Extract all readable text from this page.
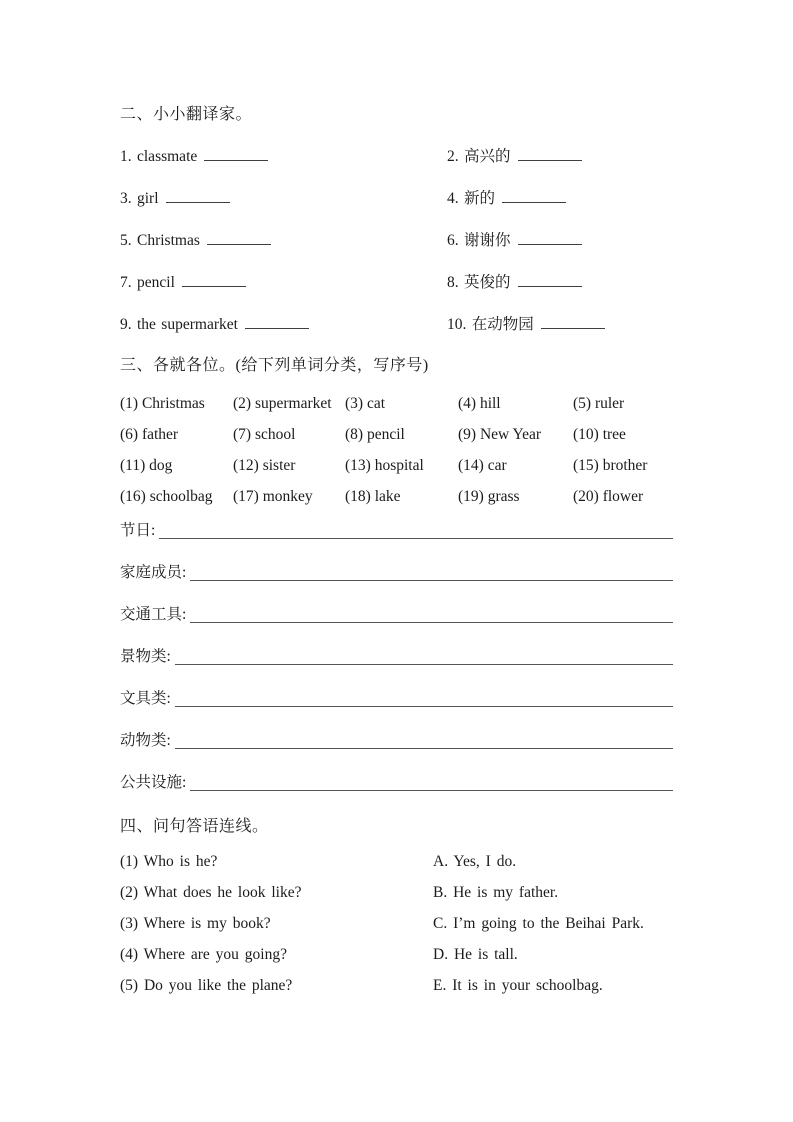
二、小小翻译家。
1. classmate	2. 高兴的
3. girl	4. 新的
5. Christmas	6. 谢谢你
7. pencil	8. 英俊的
9. the supermarket	10. 在动物园
三、各就各位。(给下列单词分类，写序号)
(1) Christmas	(2) supermarket (3) cat	(4) hill	(5) ruler
(6) father	(7) school	(8) pencil	(9) New Year	(10) tree
(11) dog	(12) sister	(13) hospital	(14) car	(15) brother
(16) schoolbag	(17) monkey	(18) lake	(19) grass	(20) flower
节日:
家庭成员:
交通工具:
景物类:
文具类:
动物类:
公共设施:
四、问句答语连线。
(1) Who is he?	A. Yes, I do.
(2) What does he look like?	B. He is my father.
(3) Where is my book?	C. I’m going to the Beihai Park.
(4) Where are you going?	D. He is tall.
(5) Do you like the plane?	E. It is in your schoolbag.
